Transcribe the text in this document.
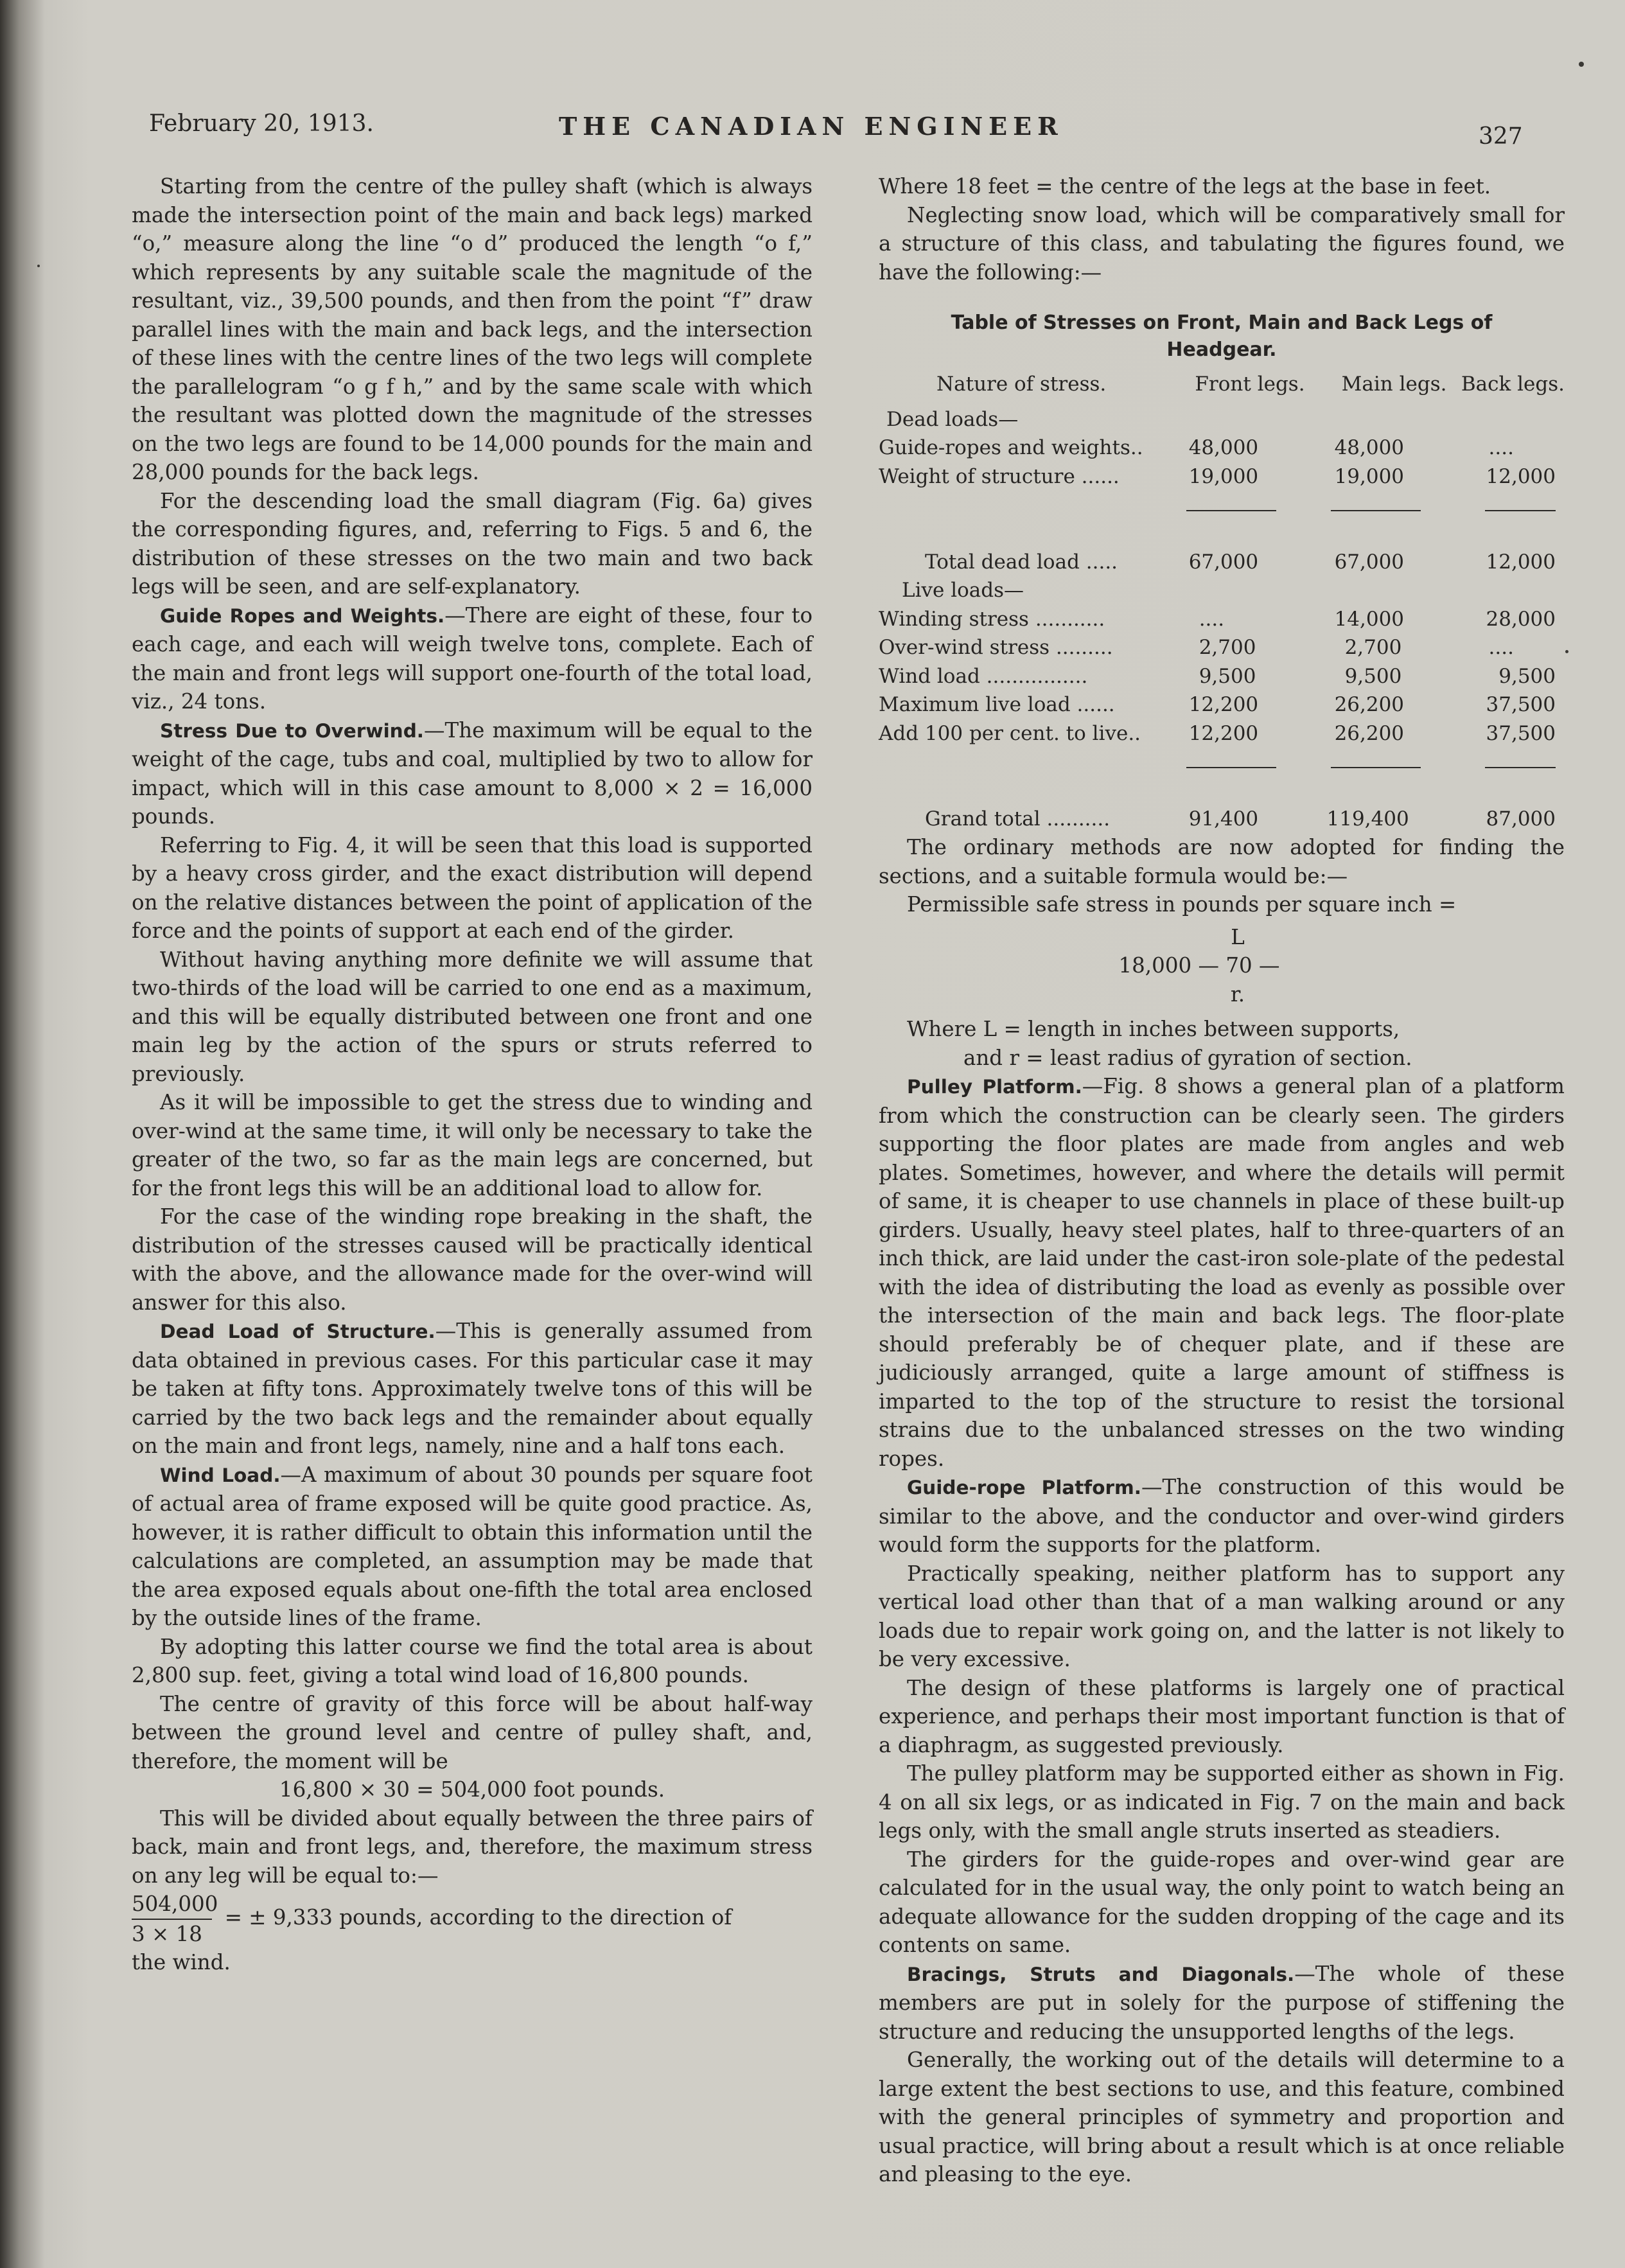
February 20, 1913.	THE CANADIAN ENGINEER	327

Starting from the centre of the pulley shaft (which is always made the intersection point of the main and back legs) marked “o,” measure along the line “o d” produced the length “o f,” which represents by any suitable scale the magnitude of the resultant, viz., 39,500 pounds, and then from the point “f” draw parallel lines with the main and back legs, and the intersection of these lines with the centre lines of the two legs will complete the parallelogram “o g f h,” and by the same scale with which the resultant was plotted down the magnitude of the stresses on the two legs are found to be 14,000 pounds for the main and 28,000 pounds for the back legs.

For the descending load the small diagram (Fig. 6a) gives the corresponding figures, and, referring to Figs. 5 and 6, the distribution of these stresses on the two main and two back legs will be seen, and are self-explanatory.

Guide Ropes and Weights.—There are eight of these, four to each cage, and each will weigh twelve tons, complete. Each of the main and front legs will support one-fourth of the total load, viz., 24 tons.

Stress Due to Overwind.—The maximum will be equal to the weight of the cage, tubs and coal, multiplied by two to allow for impact, which will in this case amount to 8,000 × 2 = 16,000 pounds.

Referring to Fig. 4, it will be seen that this load is supported by a heavy cross girder, and the exact distribution will depend on the relative distances between the point of application of the force and the points of support at each end of the girder.

Without having anything more definite we will assume that two-thirds of the load will be carried to one end as a maximum, and this will be equally distributed between one front and one main leg by the action of the spurs or struts referred to previously.

As it will be impossible to get the stress due to winding and over-wind at the same time, it will only be necessary to take the greater of the two, so far as the main legs are concerned, but for the front legs this will be an additional load to allow for.

For the case of the winding rope breaking in the shaft, the distribution of the stresses caused will be practically identical with the above, and the allowance made for the over-wind will answer for this also.

Dead Load of Structure.—This is generally assumed from data obtained in previous cases. For this particular case it may be taken at fifty tons. Approximately twelve tons of this will be carried by the two back legs and the remainder about equally on the main and front legs, namely, nine and a half tons each.

Wind Load.—A maximum of about 30 pounds per square foot of actual area of frame exposed will be quite good practice. As, however, it is rather difficult to obtain this information until the calculations are completed, an assumption may be made that the area exposed equals about one-fifth the total area enclosed by the outside lines of the frame.

By adopting this latter course we find the total area is about 2,800 sup. feet, giving a total wind load of 16,800 pounds.

The centre of gravity of this force will be about half-way between the ground level and centre of pulley shaft, and, therefore, the moment will be

16,800 × 30 = 504,000 foot pounds.

This will be divided about equally between the three pairs of back, main and front legs, and, therefore, the maximum stress on any leg will be equal to:—

504,000
3 × 18
= ± 9,333 pounds, according to the direction of

the wind.

Where 18 feet = the centre of the legs at the base in feet.

Neglecting snow load, which will be comparatively small for a structure of this class, and tabulating the figures found, we have the following:—

Table of Stresses on Front, Main and Back Legs of
Headgear.
Nature of stress.	Front legs.	Main legs.	Back legs.
Dead loads—			
Guide-ropes and weights..	48,000	48,000	....
Weight of structure ......	19,000	19,000	12,000

Total dead load .....	67,000	67,000	12,000
Live loads—			
Winding stress ...........	....	14,000	28,000
Over-wind stress .........	2,700	2,700	....
Wind load ................	9,500	9,500	9,500
Maximum live load ......	12,200	26,200	37,500
Add 100 per cent. to live..	12,200	26,200	37,500

Grand total ..........	91,400	119,400	87,000

The ordinary methods are now adopted for finding the sections, and a suitable formula would be:—

Permissible safe stress in pounds per square inch =

L
18,000 — 70 —
r.

Where L = length in inches between supports,

and r = least radius of gyration of section.

Pulley Platform.—Fig. 8 shows a general plan of a platform from which the construction can be clearly seen. The girders supporting the floor plates are made from angles and web plates. Sometimes, however, and where the details will permit of same, it is cheaper to use channels in place of these built-up girders. Usually, heavy steel plates, half to three-quarters of an inch thick, are laid under the cast-iron sole-plate of the pedestal with the idea of distributing the load as evenly as possible over the intersection of the main and back legs. The floor-plate should preferably be of chequer plate, and if these are judiciously arranged, quite a large amount of stiffness is imparted to the top of the structure to resist the torsional strains due to the unbalanced stresses on the two winding ropes.

Guide-rope Platform.—The construction of this would be similar to the above, and the conductor and over-wind girders would form the supports for the platform.

Practically speaking, neither platform has to support any vertical load other than that of a man walking around or any loads due to repair work going on, and the latter is not likely to be very excessive.

The design of these platforms is largely one of practical experience, and perhaps their most important function is that of a diaphragm, as suggested previously.

The pulley platform may be supported either as shown in Fig. 4 on all six legs, or as indicated in Fig. 7 on the main and back legs only, with the small angle struts inserted as steadiers.

The girders for the guide-ropes and over-wind gear are calculated for in the usual way, the only point to watch being an adequate allowance for the sudden dropping of the cage and its contents on same.

Bracings, Struts and Diagonals.—The whole of these members are put in solely for the purpose of stiffening the structure and reducing the unsupported lengths of the legs.

Generally, the working out of the details will determine to a large extent the best sections to use, and this feature, combined with the general principles of symmetry and proportion and usual practice, will bring about a result which is at once reliable and pleasing to the eye.
